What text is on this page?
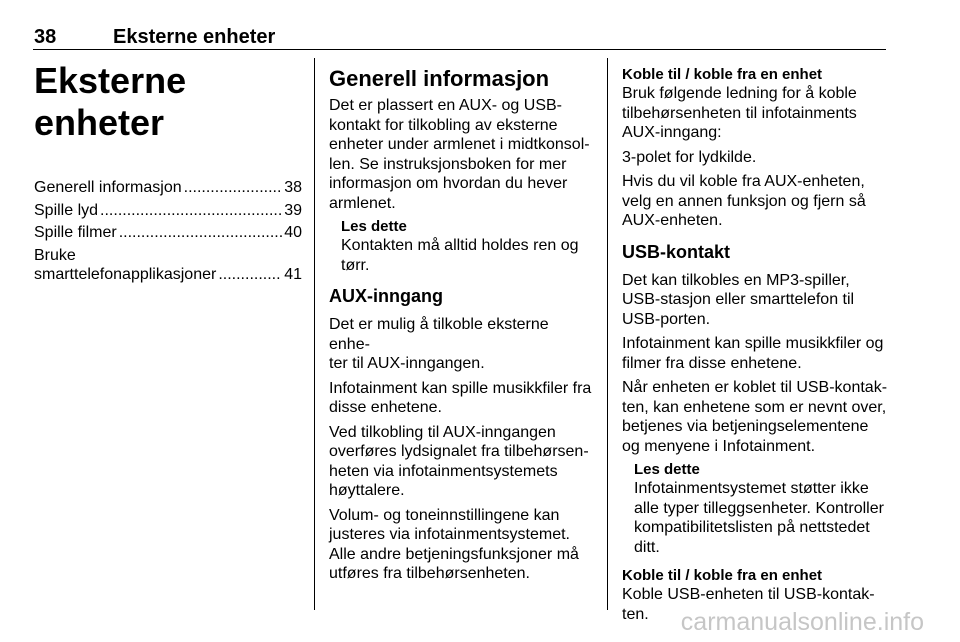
38	Eksterne enheter
Eksterne enheter
Generell informasjon .....	38
Spille lyd .....	39
Spille filmer .....	40
Bruke
smarttelefonapplikasjoner .....	41
Generell informasjon

Det er plassert en AUX- og USB-
kontakt for tilkobling av eksterne
enheter under armlenet i midtkonsol-
len. Se instruksjonsboken for mer
informasjon om hvordan du hever
armlenet.

Les dette
Kontakten må alltid holdes ren og
tørr.
AUX-inngang

Det er mulig å tilkoble eksterne enhe-
ter til AUX-inngangen.

Infotainment kan spille musikkfiler fra
disse enhetene.

Ved tilkobling til AUX-inngangen
overføres lydsignalet fra tilbehørsen-
heten via infotainmentsystemets
høyttalere.

Volum- og toneinnstillingene kan
justeres via infotainmentsystemet.
Alle andre betjeningsfunksjoner må
utføres fra tilbehørsenheten.

Koble til / koble fra en enhet

Bruk følgende ledning for å koble
tilbehørsenheten til infotainments
AUX-inngang:

3-polet for lydkilde.

Hvis du vil koble fra AUX-enheten,
velg en annen funksjon og fjern så
AUX-enheten.

USB-kontakt

Det kan tilkobles en MP3-spiller,
USB-stasjon eller smarttelefon til
USB-porten.

Infotainment kan spille musikkfiler og
filmer fra disse enhetene.

Når enheten er koblet til USB-kontak-
ten, kan enhetene som er nevnt over,
betjenes via betjeningselementene
og menyene i Infotainment.

Les dette
Infotainmentsystemet støtter ikke
alle typer tilleggsenheter. Kontroller
kompatibilitetslisten på nettstedet
ditt.
Koble til / koble fra en enhet

Koble USB-enheten til USB-kontak-
ten.	carmanualsonline.info
